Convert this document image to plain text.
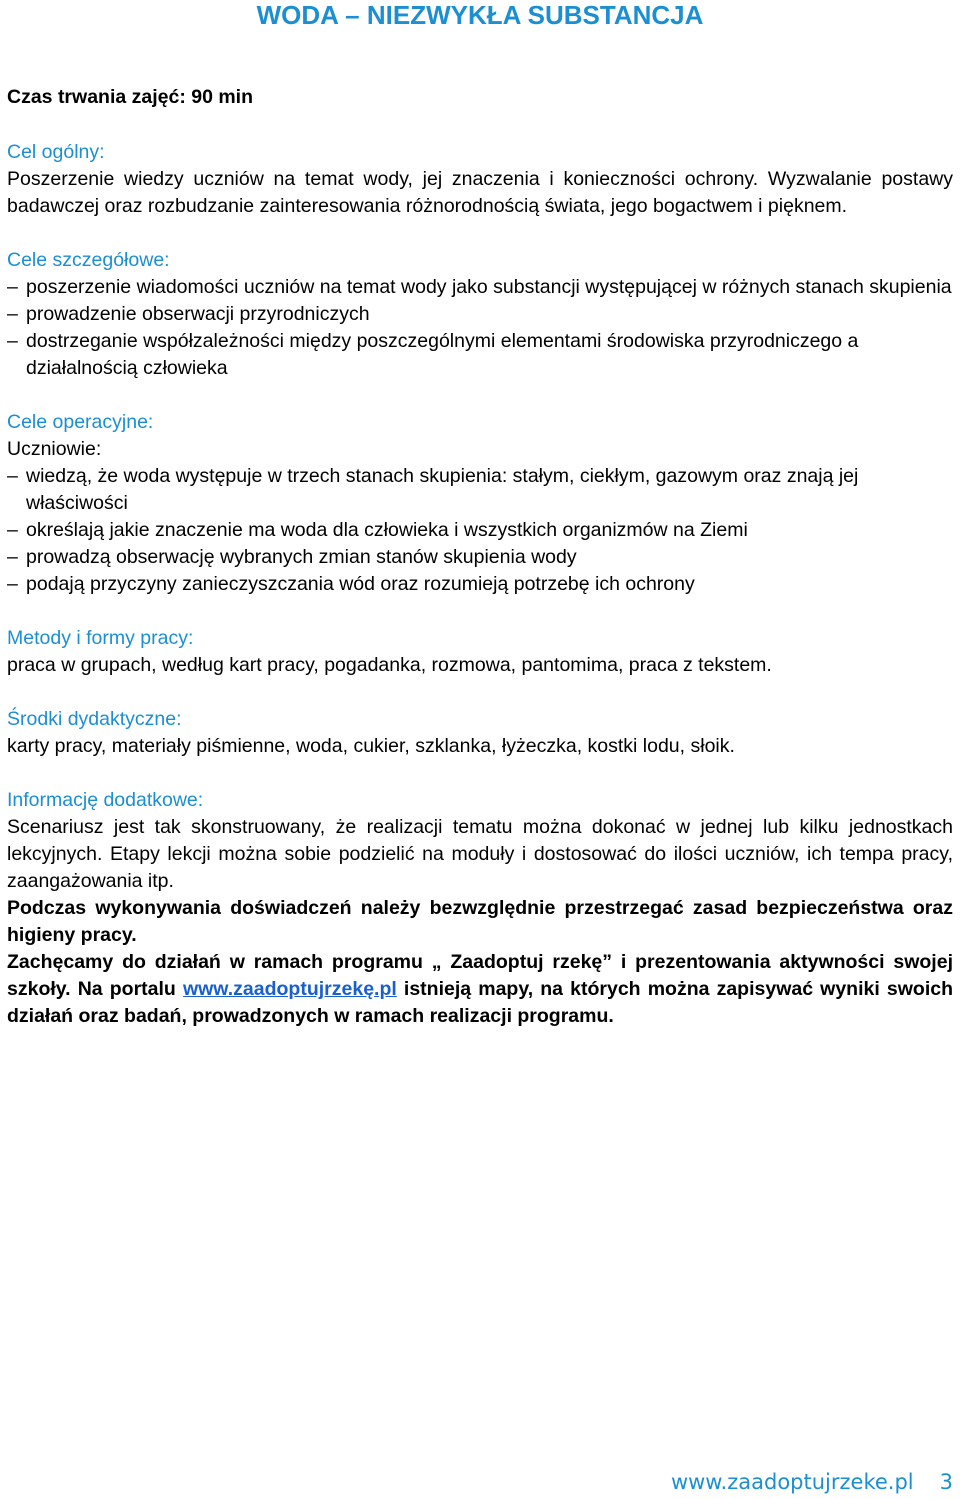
WODA – NIEZWYKŁA SUBSTANCJA

Czas trwania zajęć: 90 min

Cel ogólny:

Poszerzenie wiedzy uczniów na temat wody, jej znaczenia i konieczności ochrony. Wyzwalanie postawy badawczej oraz rozbudzanie zainteresowania różnorodnością świata, jego bogactwem i pięknem.

Cele szczegółowe:

– poszerzenie wiadomości uczniów na temat wody jako substancji występującej w różnych stanach skupienia
– prowadzenie obserwacji przyrodniczych
– dostrzeganie współzależności między poszczególnymi elementami środowiska przyrodniczego a działalnością człowieka

Cele operacyjne:

Uczniowie:

– wiedzą, że woda występuje w trzech stanach skupienia: stałym, ciekłym, gazowym oraz znają jej właściwości
– określają jakie znaczenie ma woda dla człowieka i wszystkich organizmów na Ziemi
– prowadzą obserwację wybranych zmian stanów skupienia wody
– podają przyczyny zanieczyszczania wód oraz rozumieją potrzebę ich ochrony

Metody i formy pracy:

praca w grupach, według kart pracy, pogadanka, rozmowa, pantomima, praca z tekstem.

Środki dydaktyczne:

karty pracy, materiały piśmienne, woda, cukier, szklanka, łyżeczka, kostki lodu, słoik.

Informację dodatkowe:

Scenariusz jest tak skonstruowany, że realizacji tematu można dokonać w jednej lub kilku jednostkach lekcyjnych. Etapy lekcji można sobie podzielić na moduły i dostosować do ilości uczniów, ich tempa pracy, zaangażowania itp.

Podczas wykonywania doświadczeń należy bezwzględnie przestrzegać zasad bezpieczeństwa oraz higieny pracy.

Zachęcamy do działań w ramach programu „ Zaadoptuj rzekę” i prezentowania aktywności swojej szkoły. Na portalu www.zaadoptujrzekę.pl istnieją mapy, na których można zapisywać wyniki swoich działań oraz badań, prowadzonych w ramach realizacji programu.

www.zaadoptujrzeke.pl 3
